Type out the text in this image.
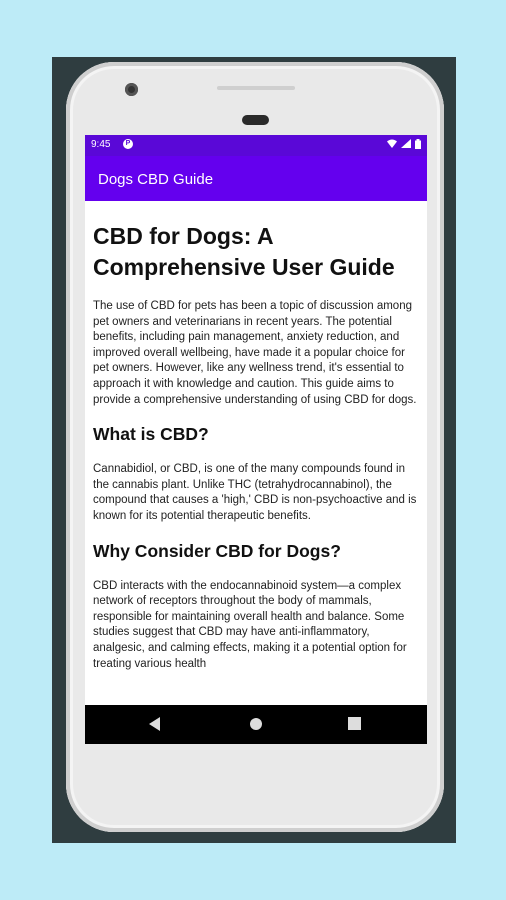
9:45	P

Dogs CBD Guide
CBD for Dogs: A Comprehensive User Guide

The use of CBD for pets has been a topic of discussion among pet owners and veterinarians in recent years. The potential benefits, including pain management, anxiety reduction, and improved overall wellbeing, have made it a popular choice for pet owners. However, like any wellness trend, it's essential to approach it with knowledge and caution. This guide aims to provide a comprehensive understanding of using CBD for dogs.

What is CBD?

Cannabidiol, or CBD, is one of the many compounds found in the cannabis plant. Unlike THC (tetrahydrocannabinol), the compound that causes a 'high,' CBD is non-psychoactive and is known for its potential therapeutic benefits.

Why Consider CBD for Dogs?

CBD interacts with the endocannabinoid system—a complex network of receptors throughout the body of mammals, responsible for maintaining overall health and balance. Some studies suggest that CBD may have anti-inflammatory, analgesic, and calming effects, making it a potential option for treating various health
